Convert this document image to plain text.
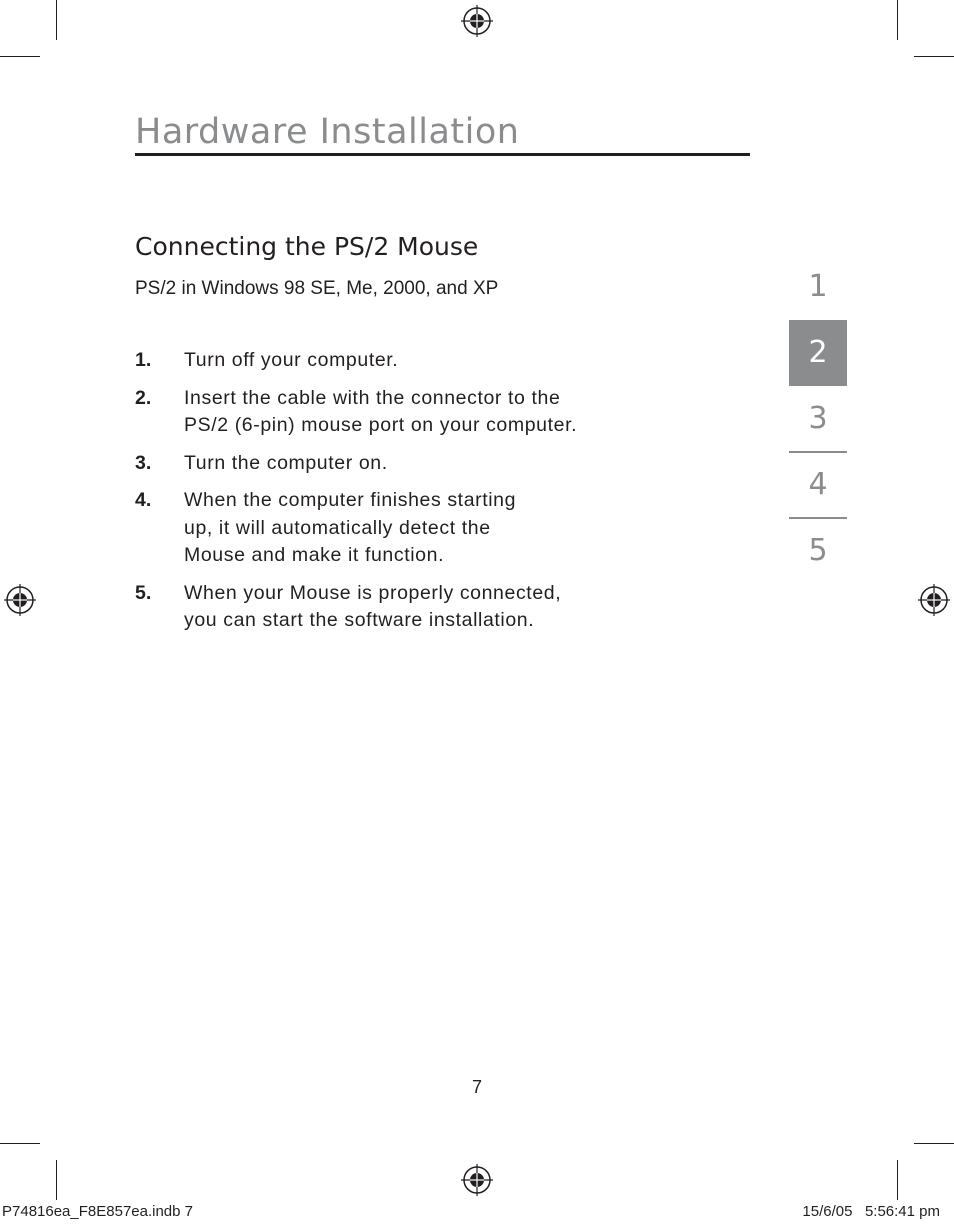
Hardware Installation
Connecting the PS/2 Mouse
PS/2 in Windows 98 SE, Me, 2000, and XP
1. Turn off your computer.
2. Insert the cable with the connector to the
PS/2 (6-pin) mouse port on your computer.
3. Turn the computer on.
4. When the computer finishes starting
up, it will automatically detect the
Mouse and make it function.
5. When your Mouse is properly connected,
you can start the software installation.
1
2
3
4
5
7
P74816ea_F8E857ea.indb 7	15/6/05   5:56:41 pm
